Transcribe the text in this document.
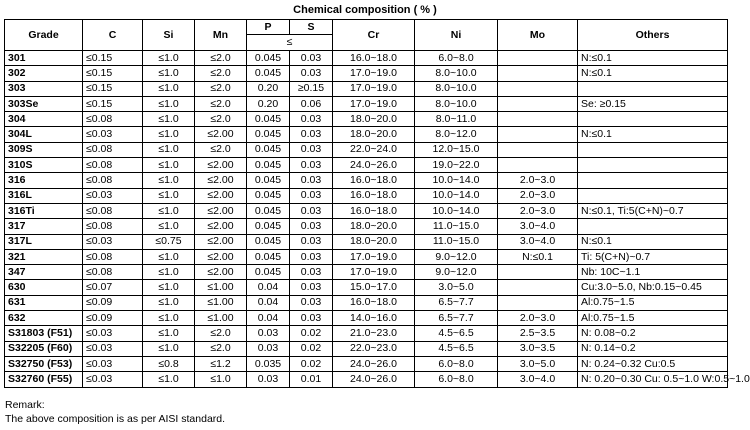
Chemical composition ( % )
Grade	C	Si	Mn	P	S	Cr	Ni	Mo	Others
				≤					
301	≤0.15	≤1.0	≤2.0	0.045	0.03	16.0~18.0	6.0~8.0		N:≤0.1
302	≤0.15	≤1.0	≤2.0	0.045	0.03	17.0~19.0	8.0~10.0		N:≤0.1
303	≤0.15	≤1.0	≤2.0	0.20	≥0.15	17.0~19.0	8.0~10.0		
303Se	≤0.15	≤1.0	≤2.0	0.20	0.06	17.0~19.0	8.0~10.0		Se: ≥0.15
304	≤0.08	≤1.0	≤2.0	0.045	0.03	18.0~20.0	8.0~11.0		
304L	≤0.03	≤1.0	≤2.00	0.045	0.03	18.0~20.0	8.0~12.0		N:≤0.1
309S	≤0.08	≤1.0	≤2.0	0.045	0.03	22.0~24.0	12.0~15.0		
310S	≤0.08	≤1.0	≤2.00	0.045	0.03	24.0~26.0	19.0~22.0		
316	≤0.08	≤1.0	≤2.00	0.045	0.03	16.0~18.0	10.0~14.0	2.0~3.0	
316L	≤0.03	≤1.0	≤2.00	0.045	0.03	16.0~18.0	10.0~14.0	2.0~3.0	
316Ti	≤0.08	≤1.0	≤2.00	0.045	0.03	16.0~18.0	10.0~14.0	2.0~3.0	N:≤0.1, Ti:5(C+N)~0.7
317	≤0.08	≤1.0	≤2.00	0.045	0.03	18.0~20.0	11.0~15.0	3.0~4.0	
317L	≤0.03	≤0.75	≤2.00	0.045	0.03	18.0~20.0	11.0~15.0	3.0~4.0	N:≤0.1
321	≤0.08	≤1.0	≤2.00	0.045	0.03	17.0~19.0	9.0~12.0	N:≤0.1	Ti: 5(C+N)~0.7
347	≤0.08	≤1.0	≤2.00	0.045	0.03	17.0~19.0	9.0~12.0		Nb: 10C~1.1
630	≤0.07	≤1.0	≤1.00	0.04	0.03	15.0~17.0	3.0~5.0		Cu:3.0~5.0, Nb:0.15~0.45
631	≤0.09	≤1.0	≤1.00	0.04	0.03	16.0~18.0	6.5~7.7		Al:0.75~1.5
632	≤0.09	≤1.0	≤1.00	0.04	0.03	14.0~16.0	6.5~7.7	2.0~3.0	Al:0.75~1.5
S31803 (F51)	≤0.03	≤1.0	≤2.0	0.03	0.02	21.0~23.0	4.5~6.5	2.5~3.5	N: 0.08~0.2
S32205 (F60)	≤0.03	≤1.0	≤2.0	0.03	0.02	22.0~23.0	4.5~6.5	3.0~3.5	N: 0.14~0.2
S32750 (F53)	≤0.03	≤0.8	≤1.2	0.035	0.02	24.0~26.0	6.0~8.0	3.0~5.0	N: 0.24~0.32 Cu:0.5
S32760 (F55)	≤0.03	≤1.0	≤1.0	0.03	0.01	24.0~26.0	6.0~8.0	3.0~4.0	N: 0.20~0.30 Cu: 0.5~1.0 W:0.5~1.0
Remark:
The above composition is as per AISI standard.
